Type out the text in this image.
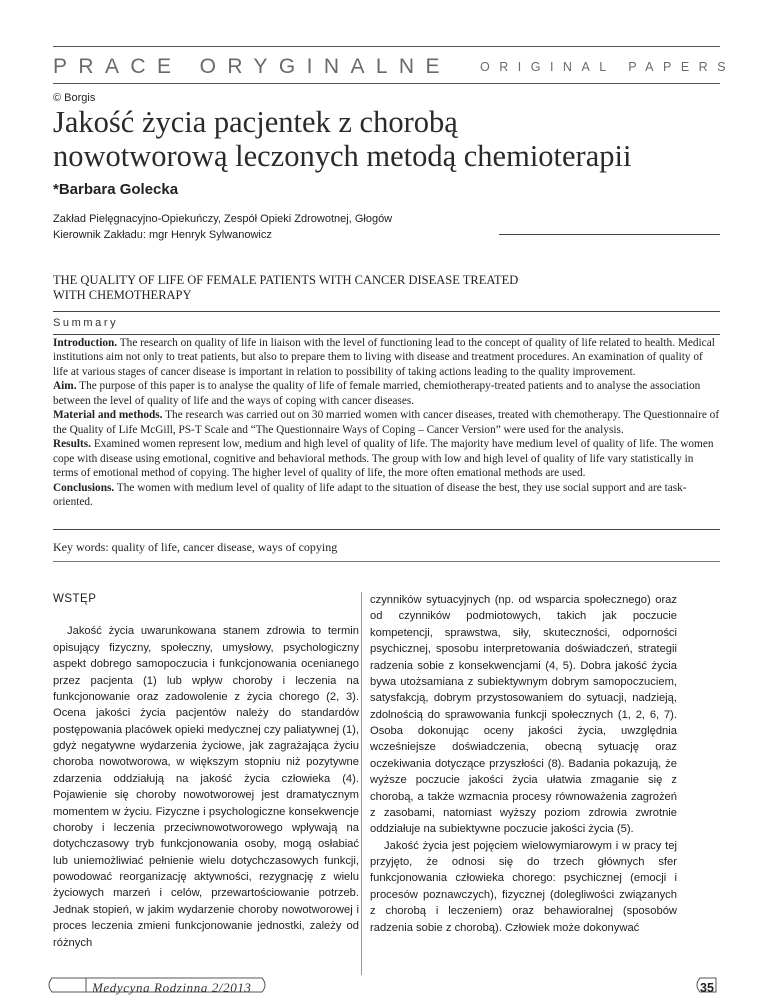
PRACE ORYGINALNE ORIGINAL PAPERS
© Borgis
Jakość życia pacjentek z chorobą
nowotworową leczonych metodą chemioterapii
*Barbara Golecka
Zakład Pielęgnacyjno-Opiekuńczy, Zespół Opieki Zdrowotnej, Głogów
Kierownik Zakładu: mgr Henryk Sylwanowicz
THE QUALITY OF LIFE OF FEMALE PATIENTS WITH CANCER DISEASE TREATED
WITH CHEMOTHERAPY
Summary

Introduction. The research on quality of life in liaison with the level of functioning lead to the concept of quality of life related to health. Medical institutions aim not only to treat patients, but also to prepare them to living with disease and treatment procedures. An examination of quality of life at various stages of cancer disease is important in relation to possibility of taking actions leading to the quality improvement.

Aim. The purpose of this paper is to analyse the quality of life of female married, chemiotherapy-treated patients and to analyse the association between the level of quality of life and the ways of coping with cancer diseases.

Material and methods. The research was carried out on 30 married women with cancer diseases, treated with chemotherapy. The Questionnaire of the Quality of Life McGill, PS-T Scale and “The Questionnaire Ways of Coping – Cancer Version” were used for the analysis.

Results. Examined women represent low, medium and high level of quality of life. The majority have medium level of quality of life. The women cope with disease using emotional, cognitive and behavioral methods. The group with low and high level of quality of life vary statistically in terms of emotional method of copying. The higher level of quality of life, the more often emational methods are used.

Conclusions. The women with medium level of quality of life adapt to the situation of disease the best, they use social support and are task-oriented.

Key words: quality of life, cancer disease, ways of copying
WSTĘP

Jakość życia uwarunkowana stanem zdrowia to termin opisujący fizyczny, społeczny, umysłowy, psychologiczny aspekt dobrego samopoczucia i funkcjonowania ocenianego przez pacjenta (1) lub wpływ choroby i leczenia na funkcjonowanie oraz zadowolenie z życia chorego (2, 3). Ocena jakości życia pacjentów należy do standardów postępowania placówek opieki medycznej czy paliatywnej (1), gdyż negatywne wydarzenia życiowe, jak zagrażająca życiu choroba nowotworowa, w większym stopniu niż pozytywne zdarzenia oddziałują na jakość życia człowieka (4). Pojawienie się choroby nowotworowej jest dramatycznym momentem w życiu. Fizyczne i psychologiczne konsekwencje choroby i leczenia przeciwnowotworowego wpływają na dotychczasowy tryb funkcjonowania osoby, mogą osłabiać lub uniemożliwiać pełnienie wielu dotychczasowych funkcji, powodować reorganizację aktywności, rezygnację z wielu życiowych marzeń i celów, przewartościowanie potrzeb. Jednak stopień, w jakim wydarzenie choroby nowotworowej i proces leczenia zmieni funkcjonowanie jednostki, zależy od różnych

czynników sytuacyjnych (np. od wsparcia społecznego) oraz od czynników podmiotowych, takich jak poczucie kompetencji, sprawstwa, siły, skuteczności, odporności psychicznej, sposobu interpretowania doświadczeń, strategii radzenia sobie z konsekwencjami (4, 5). Dobra jakość życia bywa utożsamiana z subiektywnym dobrym samopoczuciem, satysfakcją, dobrym przystosowaniem do sytuacji, nadzieją, zdolnością do sprawowania funkcji społecznych (1, 2, 6, 7). Osoba dokonując oceny jakości życia, uwzględnia wcześniejsze doświadczenia, obecną sytuację oraz oczekiwania dotyczące przyszłości (8). Badania pokazują, że wyższe poczucie jakości życia ułatwia zmaganie się z chorobą, a także wzmacnia procesy równoważenia zagrożeń z zasobami, natomiast wyższy poziom zdrowia zwrotnie oddziałuje na subiektywne poczucie jakości życia (5).

Jakość życia jest pojęciem wielowymiarowym i w pracy tej przyjęto, że odnosi się do trzech głównych sfer funkcjonowania człowieka chorego: psychicznej (emocji i procesów poznawczych), fizycznej (dolegliwości związanych z chorobą i leczeniem) oraz behawioralnej (sposobów radzenia sobie z chorobą). Człowiek może dokonywać

Medycyna Rodzinna 2/2013	35
